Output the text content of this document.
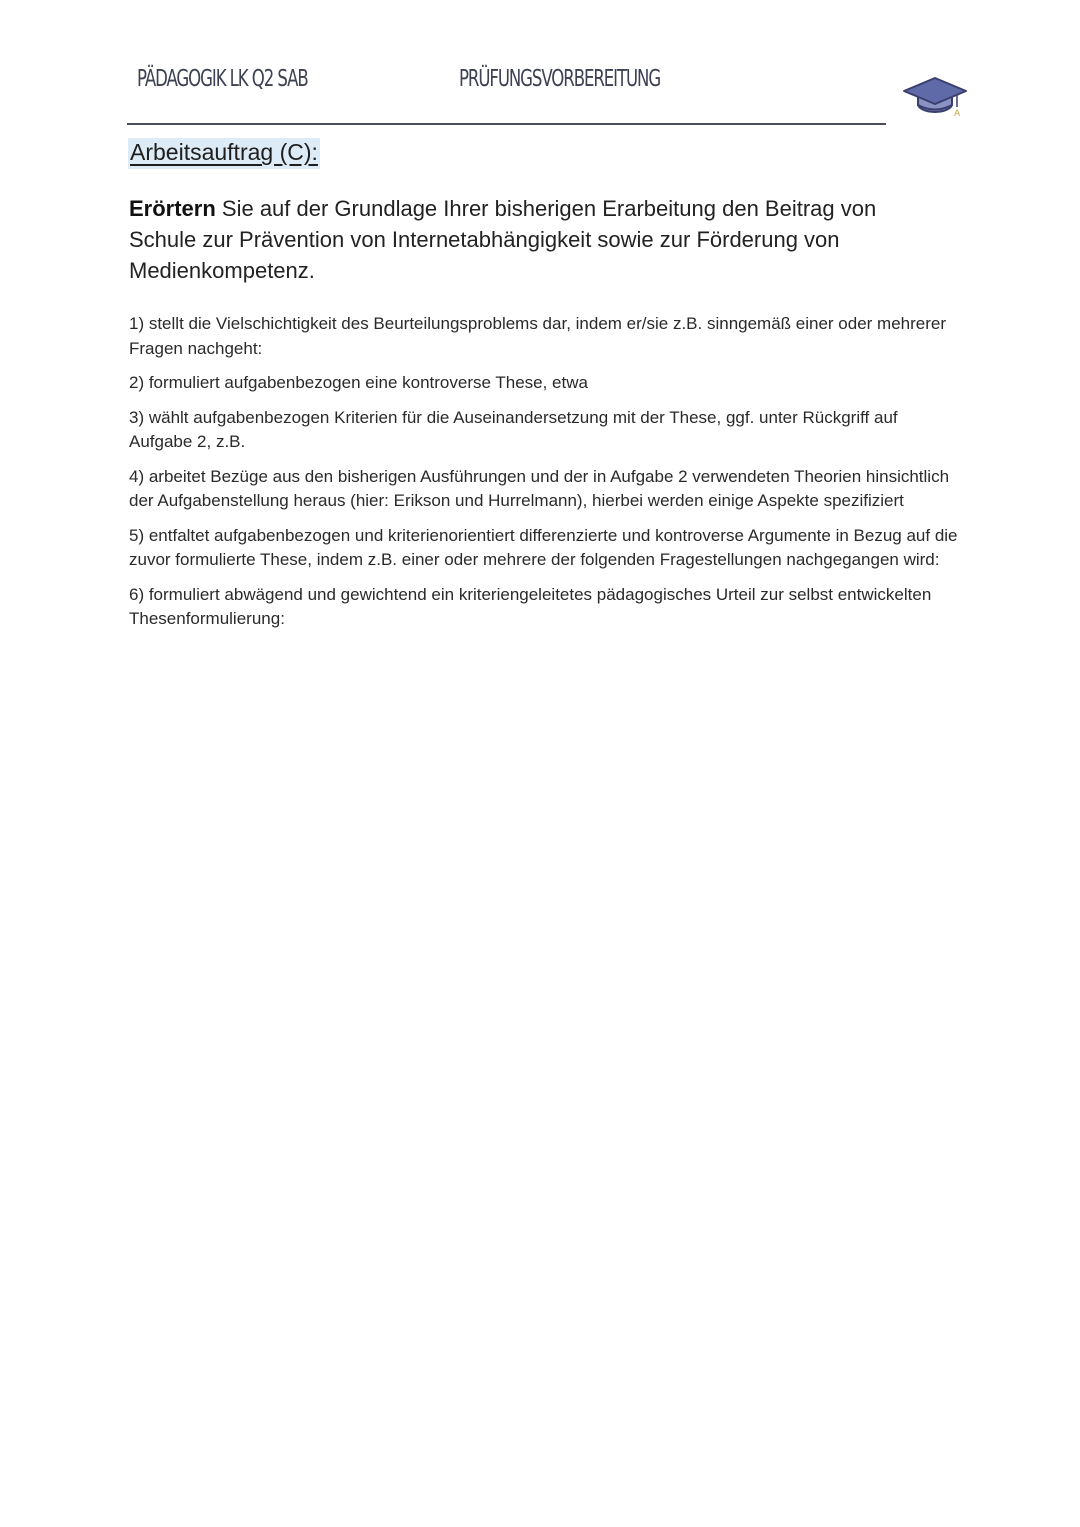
PÄDAGOGIK LK Q2 SAB	PRÜFUNGSVORBEREITUNG
A
Arbeitsauftrag (C):

Erörtern Sie auf der Grundlage Ihrer bisherigen Erarbeitung den Beitrag von Schule zur Prävention von Internetabhängigkeit sowie zur Förderung von Medienkompetenz.

1) stellt die Vielschichtigkeit des Beurteilungsproblems dar, indem er/sie z.B. sinngemäß einer oder mehrerer Fragen nachgeht:
2) formuliert aufgabenbezogen eine kontroverse These, etwa
3) wählt aufgabenbezogen Kriterien für die Auseinandersetzung mit der These, ggf. unter Rückgriff auf Aufgabe 2, z.B.
4) arbeitet Bezüge aus den bisherigen Ausführungen und der in Aufgabe 2 verwendeten Theorien hinsichtlich der Aufgabenstellung heraus (hier: Erikson und Hurrelmann), hierbei werden einige Aspekte spezifiziert
5) entfaltet aufgabenbezogen und kriterienorientiert differenzierte und kontroverse Argumente in Bezug auf die zuvor formulierte These, indem z.B. einer oder mehrere der folgenden Fragestellungen nachgegangen wird:
6) formuliert abwägend und gewichtend ein kriteriengeleitetes pädagogisches Urteil zur selbst entwickelten Thesenformulierung:
